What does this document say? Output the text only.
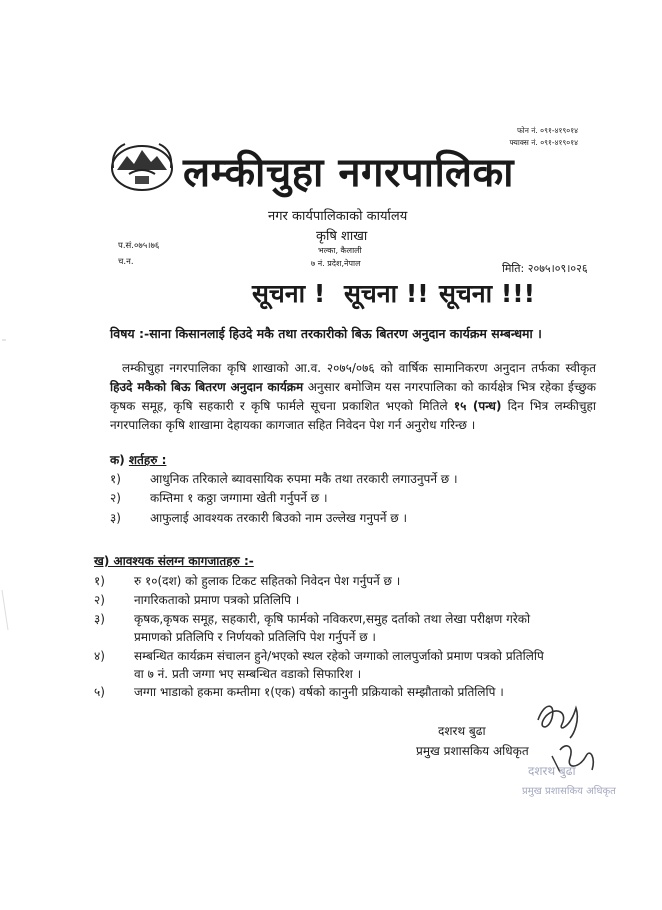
फोन नं. ०९१-४१९०१४
फ्याक्स नं. ०९१-४१९०१४
लम्कीचुहा नगरपालिका
नगर कार्यपालिकाको कार्यालय
कृषि शाखा
भल्का, कैलाली
७ नं. प्रदेश,नेपाल
प.सं.०७५।७६
च.न.	मिति: २०७५।०९।०२६
सूचना ! सूचना !! सूचना !!!
विषय :-साना किसानलाई हिउदे मकै तथा तरकारीको बिऊ बितरण अनुदान कार्यक्रम सम्बन्धमा ।
लम्कीचुहा नगरपालिका कृषि शाखाको आ.व. २०७५/०७६ को वार्षिक सामानिकरण अनुदान तर्फका स्वीकृत हिउदे मकैको बिऊ बितरण अनुदान कार्यक्रम अनुसार बमोजिम यस नगरपालिका को कार्यक्षेत्र भित्र रहेका ईच्छुक कृषक समूह, कृषि सहकारी र कृषि फार्मले सूचना प्रकाशित भएको मितिले १५ (पन्ध) दिन भित्र लम्कीचुहा नगरपालिका कृषि शाखामा देहायका कागजात सहित निवेदन पेश गर्न अनुरोध गरिन्छ ।
क) शर्तहरु :
१) आधुनिक तरिकाले ब्यावसायिक रुपमा मकै तथा तरकारी लगाउनुपर्ने छ ।
२) कम्तिमा १ कठ्ठा जग्गामा खेती गर्नुपर्ने छ ।
३) आफुलाई आवश्यक तरकारी बिउको नाम उल्लेख गनुपर्ने छ ।
ख) आवश्यक संलग्न कागजातहरु :-
१) रु १०(दश) को हुलाक टिकट सहितको निवेदन पेश गर्नुपर्ने छ ।
२) नागरिकताको प्रमाण पत्रको प्रतिलिपि ।
३) कृषक,कृषक समूह, सहकारी, कृषि फार्मको नविकरण,समुह दर्ताको तथा लेखा परीक्षण गरेको
प्रमाणको प्रतिलिपि र निर्णयको प्रतिलिपि पेश गर्नुपर्ने छ ।
४) सम्बन्धित कार्यक्रम संचालन हुने/भएको स्थल रहेको जग्गाको लालपुर्जाको प्रमाण पत्रको प्रतिलिपि
वा ७ नं. प्रती जग्गा भए सम्बन्धित वडाको सिफारिश ।
५) जग्गा भाडाको हकमा कम्तीमा १(एक) वर्षको कानुनी प्रक्रियाको सम्झौताको प्रतिलिपि ।
दशरथ बुढा
प्रमुख प्रशासकिय अधिकृत
दशरथ बुढा
प्रमुख प्रशासकिय अधिकृत
